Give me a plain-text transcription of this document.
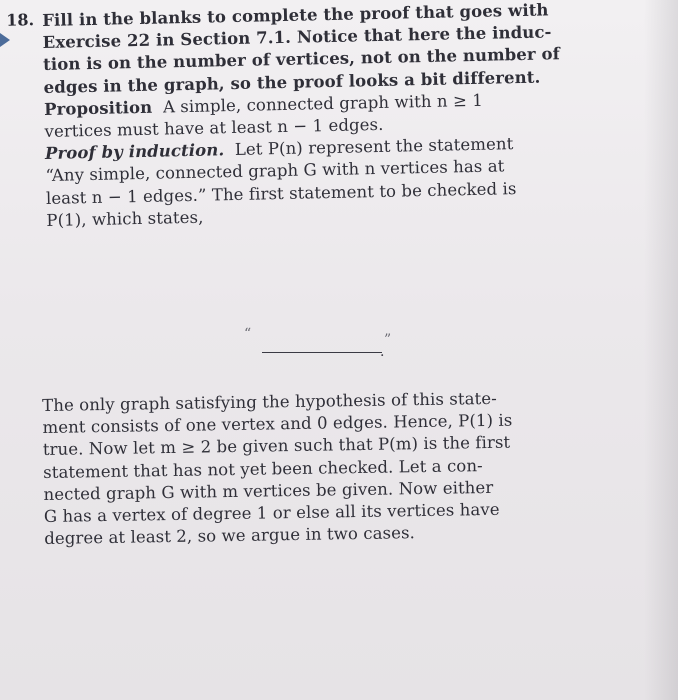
18. Fill in the blanks to complete the proof that goes with
Exercise 22 in Section 7.1. Notice that here the induc-
tion is on the number of vertices, not on the number of
edges in the graph, so the proof looks a bit different.
Proposition A simple, connected graph with n ≥ 1
vertices must have at least n − 1 edges.
Proof by induction. Let P(n) represent the statement
“Any simple, connected graph G with n vertices has at
least n − 1 edges.” The first statement to be checked is
P(1), which states,
“
.
”
The only graph satisfying the hypothesis of this state-
ment consists of one vertex and 0 edges. Hence, P(1) is
true. Now let m ≥ 2 be given such that P(m) is the first
statement that has not yet been checked. Let a con-
nected graph G with m vertices be given. Now either
G has a vertex of degree 1 or else all its vertices have
degree at least 2, so we argue in two cases.
